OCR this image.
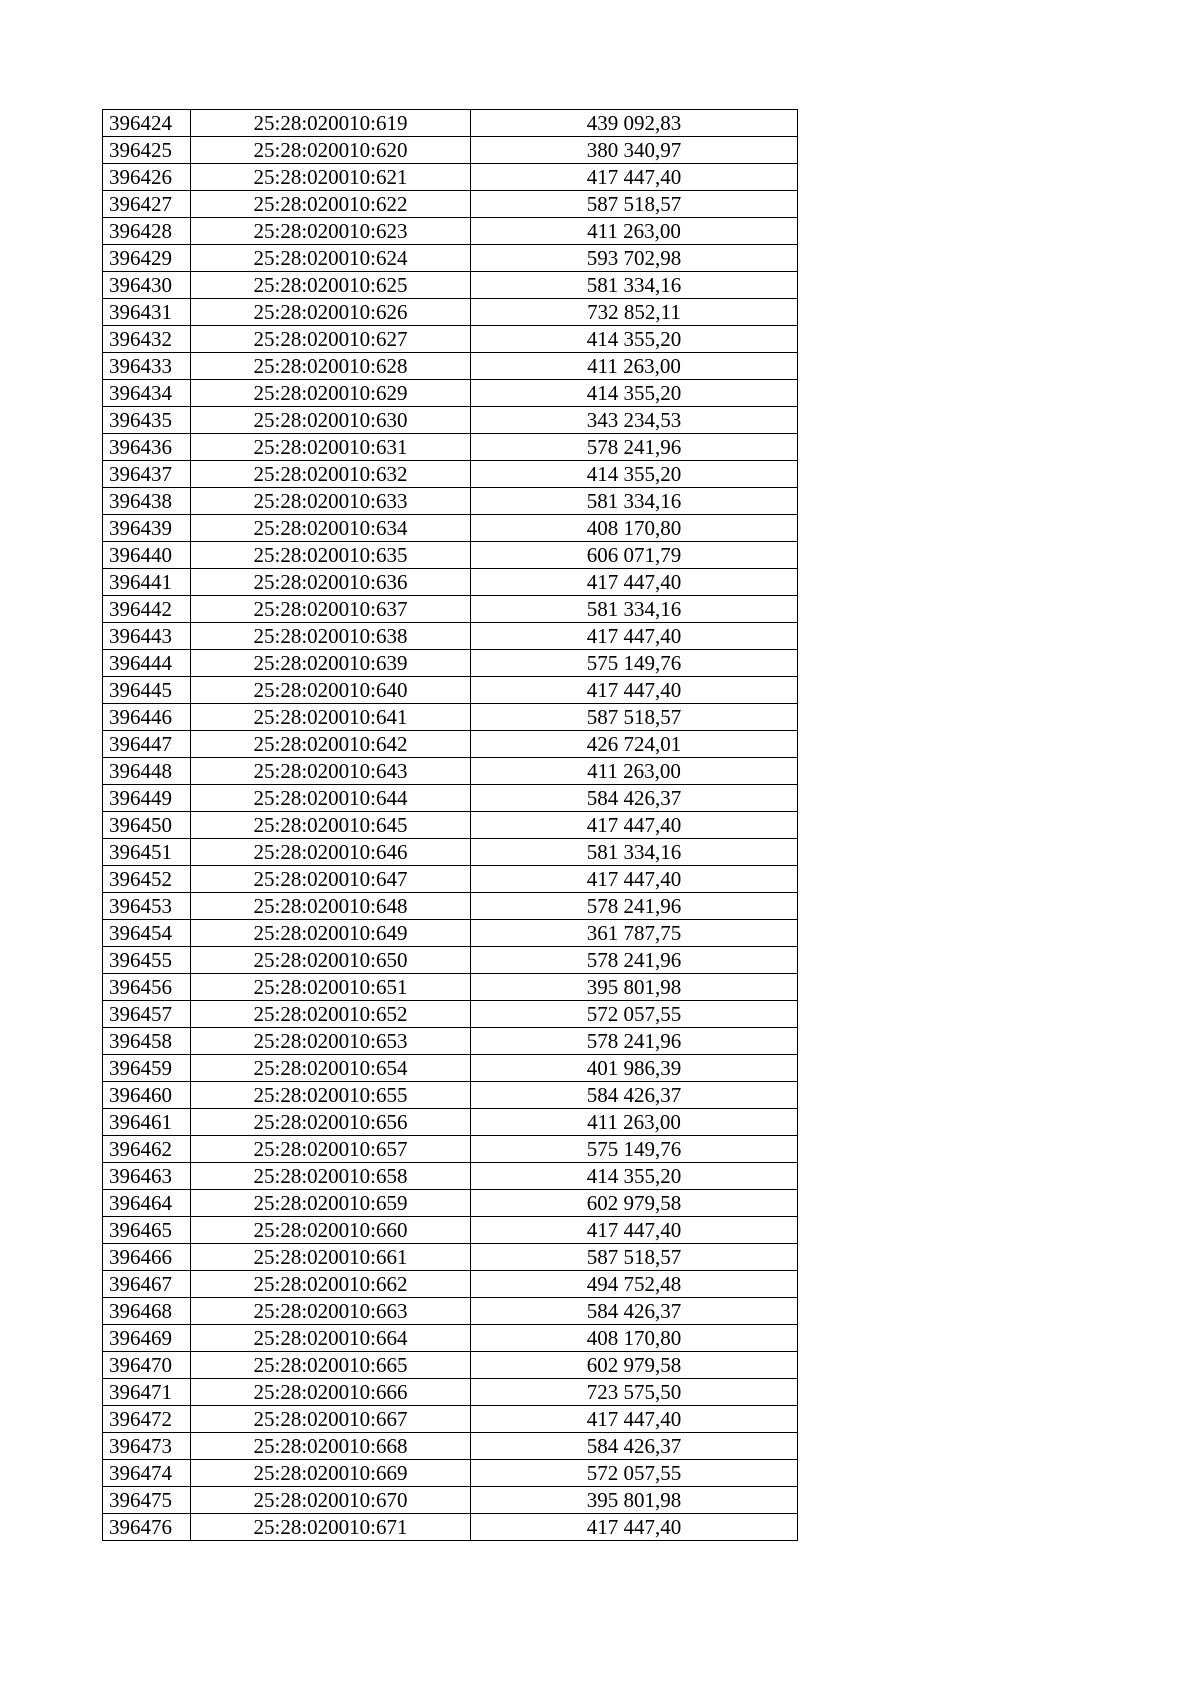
396424	25:28:020010:619	439 092,83
396425	25:28:020010:620	380 340,97
396426	25:28:020010:621	417 447,40
396427	25:28:020010:622	587 518,57
396428	25:28:020010:623	411 263,00
396429	25:28:020010:624	593 702,98
396430	25:28:020010:625	581 334,16
396431	25:28:020010:626	732 852,11
396432	25:28:020010:627	414 355,20
396433	25:28:020010:628	411 263,00
396434	25:28:020010:629	414 355,20
396435	25:28:020010:630	343 234,53
396436	25:28:020010:631	578 241,96
396437	25:28:020010:632	414 355,20
396438	25:28:020010:633	581 334,16
396439	25:28:020010:634	408 170,80
396440	25:28:020010:635	606 071,79
396441	25:28:020010:636	417 447,40
396442	25:28:020010:637	581 334,16
396443	25:28:020010:638	417 447,40
396444	25:28:020010:639	575 149,76
396445	25:28:020010:640	417 447,40
396446	25:28:020010:641	587 518,57
396447	25:28:020010:642	426 724,01
396448	25:28:020010:643	411 263,00
396449	25:28:020010:644	584 426,37
396450	25:28:020010:645	417 447,40
396451	25:28:020010:646	581 334,16
396452	25:28:020010:647	417 447,40
396453	25:28:020010:648	578 241,96
396454	25:28:020010:649	361 787,75
396455	25:28:020010:650	578 241,96
396456	25:28:020010:651	395 801,98
396457	25:28:020010:652	572 057,55
396458	25:28:020010:653	578 241,96
396459	25:28:020010:654	401 986,39
396460	25:28:020010:655	584 426,37
396461	25:28:020010:656	411 263,00
396462	25:28:020010:657	575 149,76
396463	25:28:020010:658	414 355,20
396464	25:28:020010:659	602 979,58
396465	25:28:020010:660	417 447,40
396466	25:28:020010:661	587 518,57
396467	25:28:020010:662	494 752,48
396468	25:28:020010:663	584 426,37
396469	25:28:020010:664	408 170,80
396470	25:28:020010:665	602 979,58
396471	25:28:020010:666	723 575,50
396472	25:28:020010:667	417 447,40
396473	25:28:020010:668	584 426,37
396474	25:28:020010:669	572 057,55
396475	25:28:020010:670	395 801,98
396476	25:28:020010:671	417 447,40
